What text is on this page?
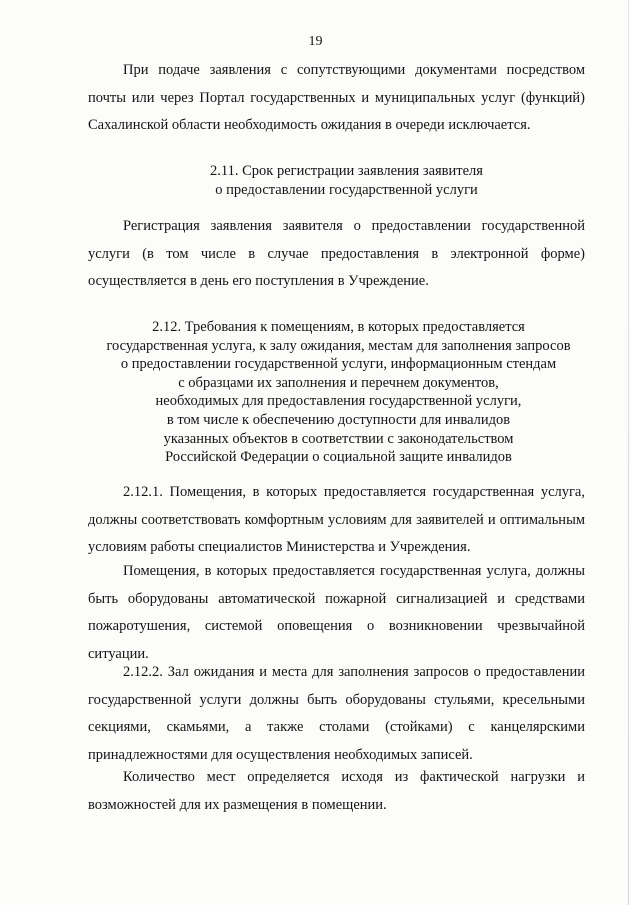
19

При подаче заявления с сопутствующими документами посредством почты или через Портал государственных и муниципальных услуг (функций) Сахалинской области необходимость ожидания в очереди исключается.

2.11. Срок регистрации заявления заявителя
о предоставлении государственной услуги

Регистрация заявления заявителя о предоставлении государственной услуги (в том числе в случае предоставления в электронной форме) осуществляется в день его поступления в Учреждение.

2.12. Требования к помещениям, в которых предоставляется
государственная услуга, к залу ожидания, местам для заполнения запросов
о предоставлении государственной услуги, информационным стендам
с образцами их заполнения и перечнем документов,
необходимых для предоставления государственной услуги,
в том числе к обеспечению доступности для инвалидов
указанных объектов в соответствии с законодательством
Российской Федерации о социальной защите инвалидов

2.12.1. Помещения, в которых предоставляется государственная услуга, должны соответствовать комфортным условиям для заявителей и оптимальным условиям работы специалистов Министерства и Учреждения.

Помещения, в которых предоставляется государственная услуга, должны быть оборудованы автоматической пожарной сигнализацией и средствами пожаротушения, системой оповещения о возникновении чрезвычайной ситуации.

2.12.2. Зал ожидания и места для заполнения запросов о предоставлении государственной услуги должны быть оборудованы стульями, кресельными секциями, скамьями, а также столами (стойками) с канцелярскими принадлежностями для осуществления необходимых записей.

Количество мест определяется исходя из фактической нагрузки и возможностей для их размещения в помещении.
